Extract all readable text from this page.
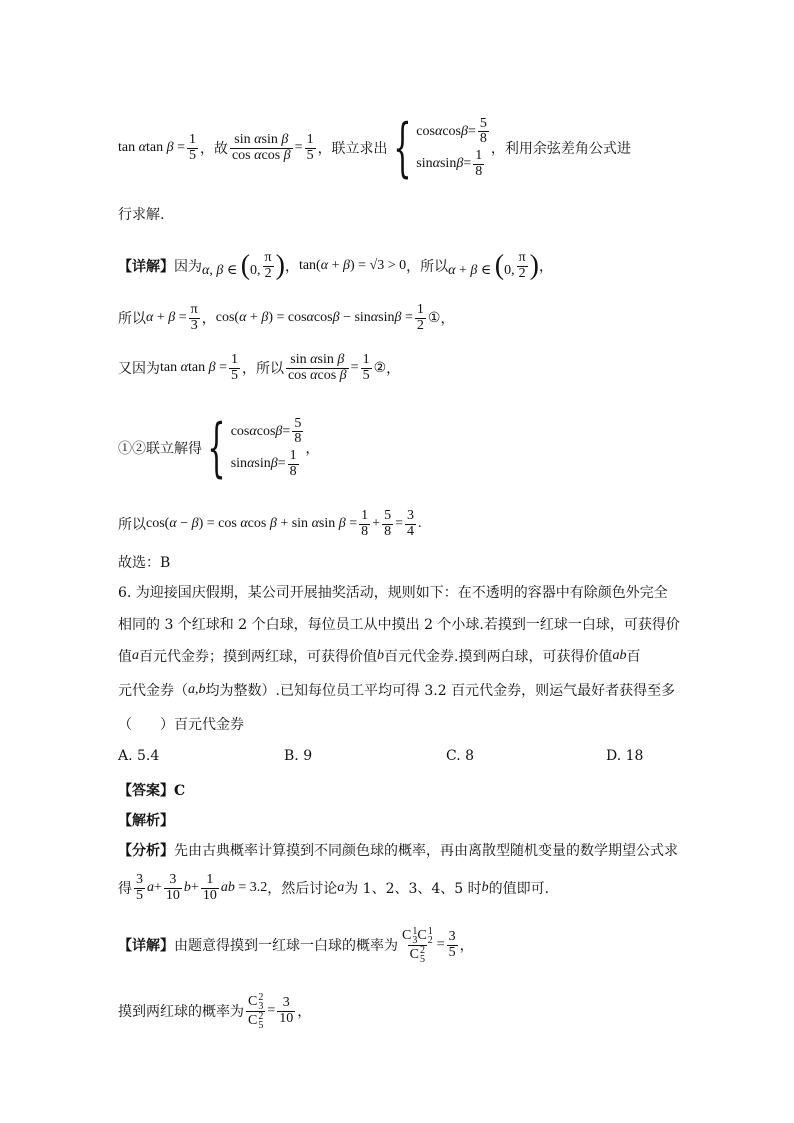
tan αtan $\beta = \frac{1}{5}$ ，故 $\frac{\text{sin αsin β}}{\text{cos αcos β}} = \frac{1}{5}$ ，联立求出 { cos α $\cos \beta = \frac{5}{8}$
sin α $\sin \beta = \frac{1}{8}$ ，利用余弦差角公式进
行求解.
【详解】 因为 α, β ∈ (0, $\frac{\pi}{2}$ ) ， tan(α + β) = √3 > 0 ，所以 α + β ∈ (0, $\frac{\pi}{2}$ ) ，
所以 $\alpha + \beta = \frac{\pi}{3}$ ， $\cos(\alpha + \beta) = \cos\alpha\cos\beta - \sin\alpha\sin\beta = \frac{1}{2}$ ① ，
又因为 tan αtan $\beta = \frac{1}{5}$ ，所以 $\frac{\text{sin αsin β}}{\text{cos αcos β}} = \frac{1}{5}$ ② ，
①②联立解得 { cos α $\cos \beta = \frac{5}{8}$
sin α $\sin \beta = \frac{1}{8}$ ，
所以 cos(α − β) = cos αcos β + sin αsin $\beta = \frac{1}{8} + \frac{5}{8} = \frac{3}{4}$ .
故选：B
6. 为迎接国庆假期，某公司开展抽奖活动，规则如下：在不透明的容器中有除颜色外完全
相同的 3 个红球和 2 个白球，每位员工从中摸出 2 个小球.若摸到一红球一白球，可获得价
值 a 百元代金券；摸到两红球，可获得价值 b 百元代金券.摸到两白球，可获得价值 ab 百
元代金券（ a , b 均为整数）.已知每位员工平均可得 3.2 百元代金券，则运气最好者获得至多
（　　）百元代金券
A. 5.4	B. 9	C. 8	D. 18
【答案】C
【解析】
【分析】 先由古典概率计算摸到不同颜色球的概率，再由离散型随机变量的数学期望公式求
得 $\frac{3}{5}$ $a + \frac{3}{10}$ $b + \frac{1}{10}$ ab = 3.2 ，然后讨论 a 为 1、2、3、4、5 时 b 的值即可.
【详解】 由题意得摸到一红球一白球的概率为 C 1
3 C 1
2
C 2
$5 = \frac{3}{5}$ ，
摸到两红球的概率为 C 2
3
C 2
$5 = \frac{3}{10}$ ，
